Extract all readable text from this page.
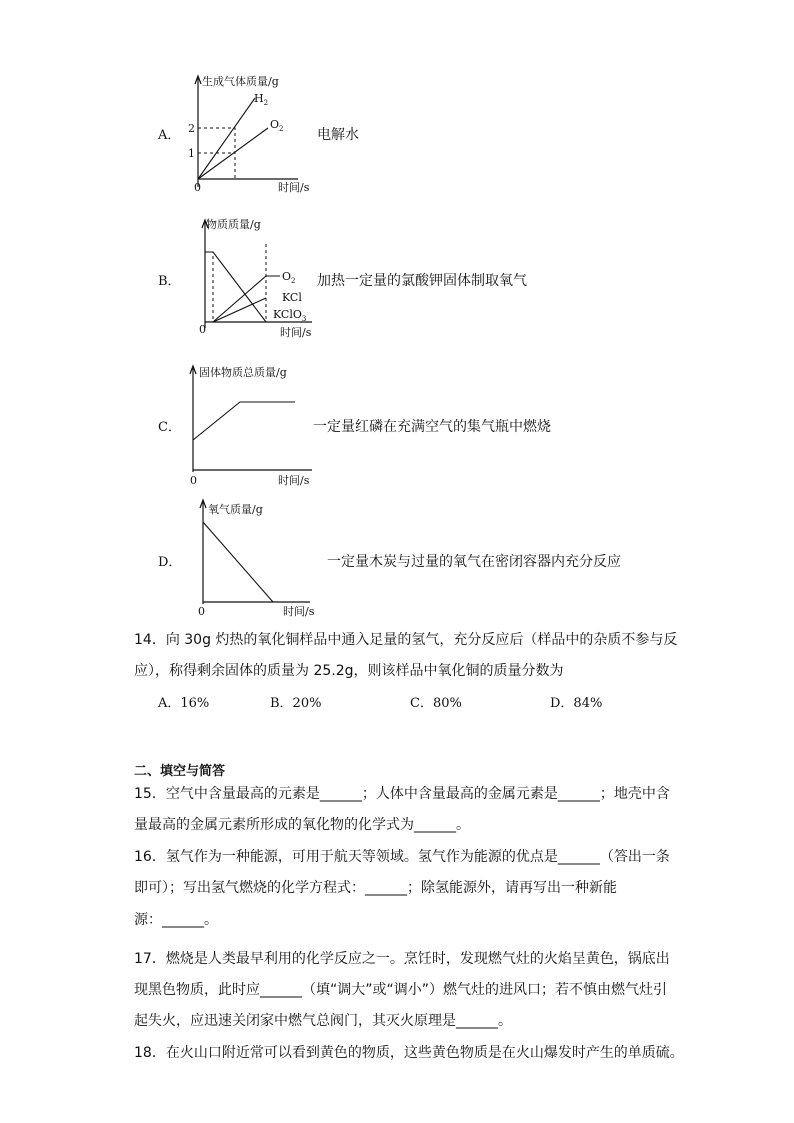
A．
生成气体质量/g
2
1
0	时间/s
$H_2$
$O_2$ 电解水
B．
物质质量/g
0	时间/s
$O_2$
KCl
KClO$_3$
加热一定量的氯酸钾固体制取氧气
C．
固体物质总质量/g
0	时间/s
一定量红磷在充满空气的集气瓶中燃烧
D．
氧气质量/g
0	时间/s
一定量木炭与过量的氧气在密闭容器内充分反应
14．向 30g 灼热的氧化铜样品中通入足量的氢气，充分反应后（样品中的杂质不参与反
应），称得剩余固体的质量为 25.2g，则该样品中氧化铜的质量分数为
A．16%	B．20%	C．80%	D．84%
二、填空与简答
15．空气中含量最高的元素是______；人体中含量最高的金属元素是______；地壳中含
量最高的金属元素所形成的氧化物的化学式为______。
16．氢气作为一种能源，可用于航天等领域。氢气作为能源的优点是______（答出一条
即可）；写出氢气燃烧的化学方程式：______；除氢能源外，请再写出一种新能
源：______。
17．燃烧是人类最早利用的化学反应之一。烹饪时，发现燃气灶的火焰呈黄色，锅底出
现黑色物质，此时应______（填“调大”或“调小”）燃气灶的进风口；若不慎由燃气灶引
起失火，应迅速关闭家中燃气总阀门，其灭火原理是______。
18．在火山口附近常可以看到黄色的物质，这些黄色物质是在火山爆发时产生的单质硫。
